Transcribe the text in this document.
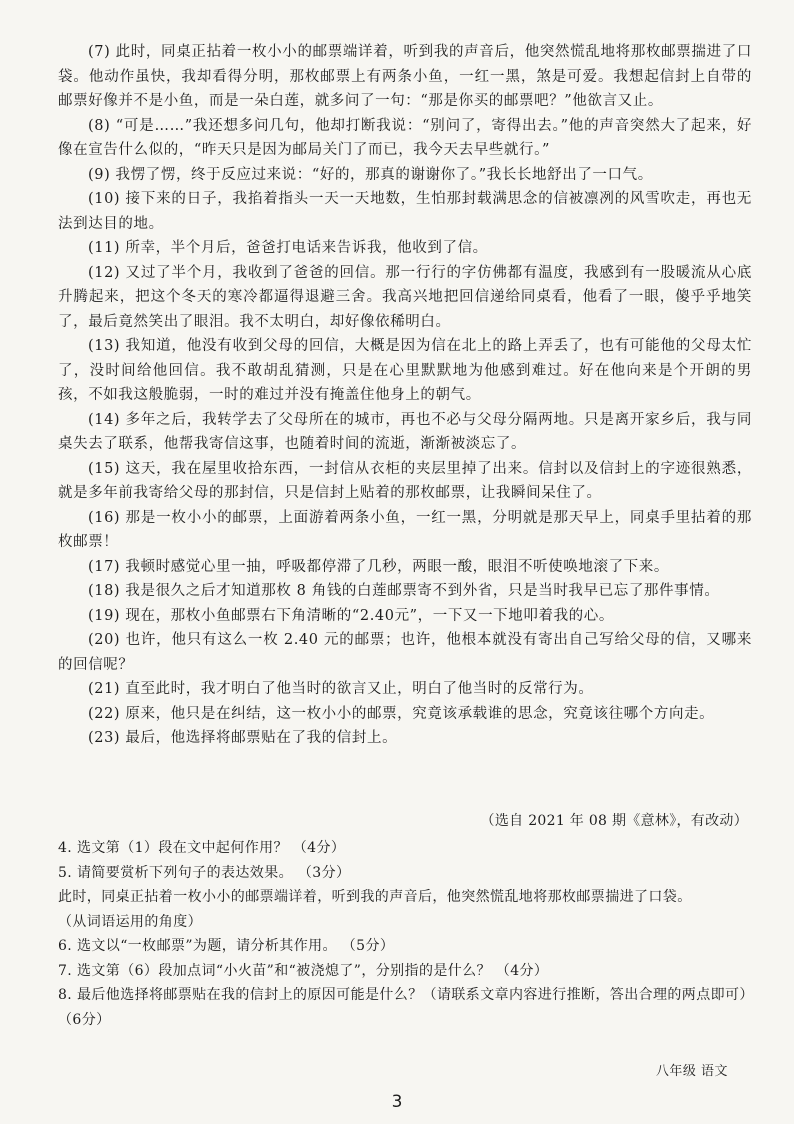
(7) 此时，同桌正拈着一枚小小的邮票端详着，听到我的声音后，他突然慌乱地将那枚邮票揣进了口袋。他动作虽快，我却看得分明，那枚邮票上有两条小鱼，一红一黑，煞是可爱。我想起信封上自带的邮票好像并不是小鱼，而是一朵白莲，就多问了一句：“那是你买的邮票吧？”他欲言又止。

(8) “可是……”我还想多问几句，他却打断我说：“别问了，寄得出去。”他的声音突然大了起来，好像在宣告什么似的，“昨天只是因为邮局关门了而已，我今天去早些就行。”

(9) 我愣了愣，终于反应过来说：“好的，那真的谢谢你了。”我长长地舒出了一口气。

(10) 接下来的日子，我掐着指头一天一天地数，生怕那封载满思念的信被凛冽的风雪吹走，再也无法到达目的地。

(11) 所幸，半个月后，爸爸打电话来告诉我，他收到了信。

(12) 又过了半个月，我收到了爸爸的回信。那一行行的字仿佛都有温度，我感到有一股暖流从心底升腾起来，把这个冬天的寒冷都逼得退避三舍。我高兴地把回信递给同桌看，他看了一眼，傻乎乎地笑了，最后竟然笑出了眼泪。我不太明白，却好像依稀明白。

(13) 我知道，他没有收到父母的回信，大概是因为信在北上的路上弄丢了，也有可能他的父母太忙了，没时间给他回信。我不敢胡乱猜测，只是在心里默默地为他感到难过。好在他向来是个开朗的男孩，不如我这般脆弱，一时的难过并没有掩盖住他身上的朝气。

(14) 多年之后，我转学去了父母所在的城市，再也不必与父母分隔两地。只是离开家乡后，我与同桌失去了联系，他帮我寄信这事，也随着时间的流逝，渐渐被淡忘了。

(15) 这天，我在屋里收拾东西，一封信从衣柜的夹层里掉了出来。信封以及信封上的字迹很熟悉，就是多年前我寄给父母的那封信，只是信封上贴着的那枚邮票，让我瞬间呆住了。

(16) 那是一枚小小的邮票，上面游着两条小鱼，一红一黑，分明就是那天早上，同桌手里拈着的那枚邮票！

(17) 我顿时感觉心里一抽，呼吸都停滞了几秒，两眼一酸，眼泪不听使唤地滚了下来。

(18) 我是很久之后才知道那枚 8 角钱的白莲邮票寄不到外省，只是当时我早已忘了那件事情。

(19) 现在，那枚小鱼邮票右下角清晰的“2.40元”，一下又一下地叩着我的心。

(20) 也许，他只有这么一枚 2.40 元的邮票；也许，他根本就没有寄出自己写给父母的信，又哪来的回信呢？

(21) 直至此时，我才明白了他当时的欲言又止，明白了他当时的反常行为。

(22) 原来，他只是在纠结，这一枚小小的邮票，究竟该承载谁的思念，究竟该往哪个方向走。

(23) 最后，他选择将邮票贴在了我的信封上。

（选自 2021 年 08 期《意林》，有改动）

4. 选文第（1）段在文中起何作用？ （4分）

5. 请简要赏析下列句子的表达效果。 （3分）

此时，同桌正拈着一枚小小的邮票端详着，听到我的声音后，他突然慌乱地将那枚邮票揣进了口袋。

（从词语运用的角度）

6. 选文以“一枚邮票”为题，请分析其作用。 （5分）

7. 选文第（6）段加点词“小火苗”和“被浇熄了”，分别指的是什么？ （4分）

8. 最后他选择将邮票贴在我的信封上的原因可能是什么？（请联系文章内容进行推断，答出合理的两点即可）（6分）

八年级 语文
3
